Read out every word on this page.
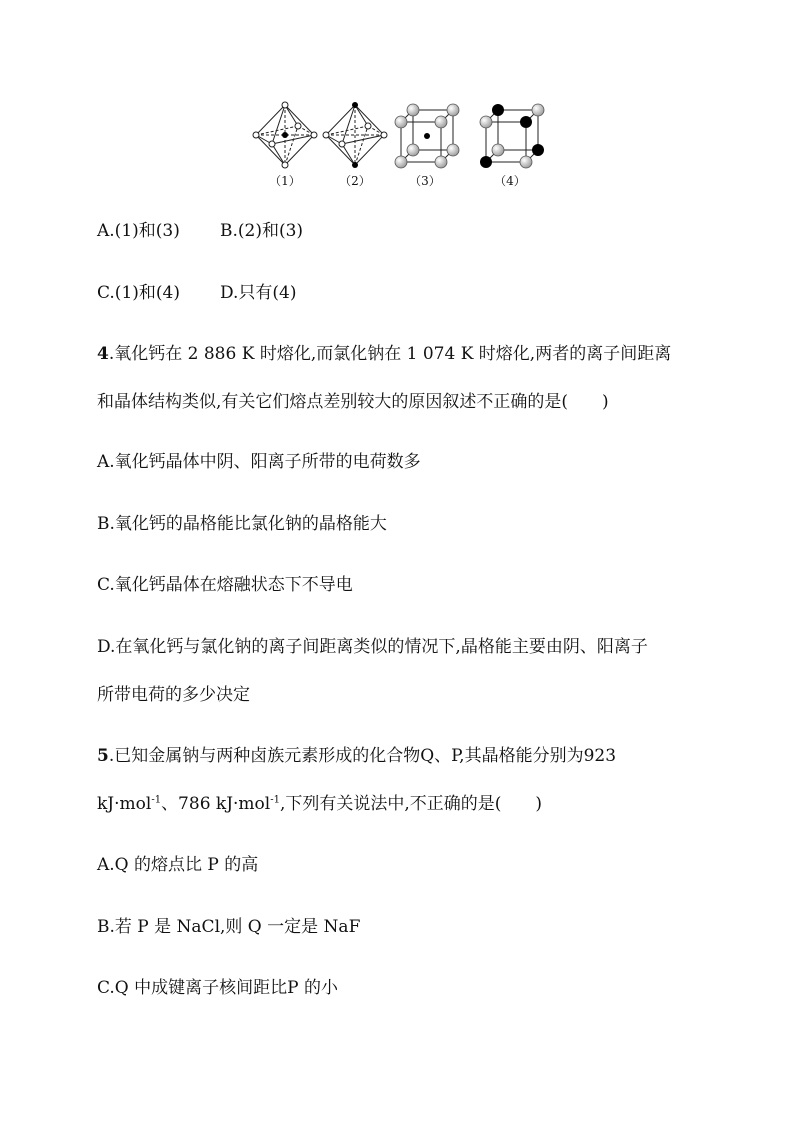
（1）	（2）	（3）	（4）
A.(1)和(3) B.(2)和(3)
C.(1)和(4) D.只有(4)
4.氧化钙在 2 886 K 时熔化,而氯化钠在 1 074 K 时熔化,两者的离子间距离
和晶体结构类似,有关它们熔点差别较大的原因叙述不正确的是(　　)
A.氧化钙晶体中阴、阳离子所带的电荷数多
B.氧化钙的晶格能比氯化钠的晶格能大
C.氧化钙晶体在熔融状态下不导电
D.在氧化钙与氯化钠的离子间距离类似的情况下,晶格能主要由阴、阳离子
所带电荷的多少决定
5.已知金属钠与两种卤族元素形成的化合物Q、P,其晶格能分别为923
kJ·mol$^{-1}$、786 kJ·mol$^{-1}$,下列有关说法中,不正确的是(　　)
A.Q 的熔点比 P 的高
B.若 P 是 NaCl,则 Q 一定是 NaF
C.Q 中成键离子核间距比P 的小
